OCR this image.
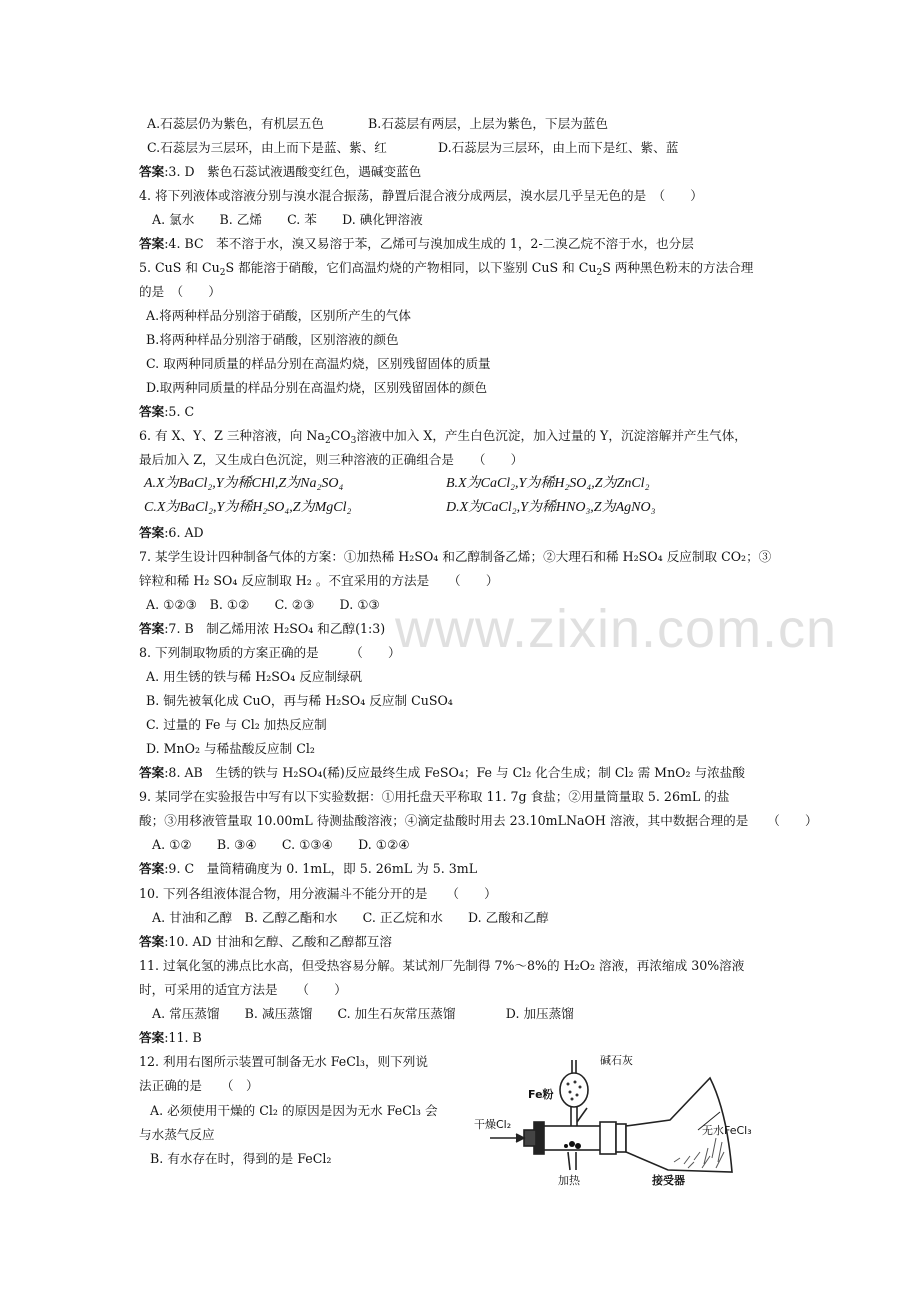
www.zixin.com.cn
A.石蕊层仍为紫色，有机层五色	B.石蕊层有两层，上层为紫色，下层为蓝色
C.石蕊层为三层环，由上而下是蓝、紫、红	D.石蕊层为三层环，由上而下是红、紫、蓝
答案:3. D　紫色石蕊试液遇酸变红色，遇碱变蓝色
4. 将下列液体或溶液分别与溴水混合振荡，静置后混合液分成两层，溴水层几乎呈无色的是　（　　）
A. 氯水　　B. 乙烯　　C. 苯　　D. 碘化钾溶液
答案:4. BC　苯不溶于水，溴又易溶于苯，乙烯可与溴加成生成的 1，2-二溴乙烷不溶于水，也分层
5. CuS 和 $Cu_2S$ 都能溶于硝酸，它们高温灼烧的产物相同，以下鉴别 CuS 和 $Cu_2S$ 两种黑色粉末的方法合理
的是　（　　）
A.将两种样品分别溶于硝酸，区别所产生的气体
B.将两种样品分别溶于硝酸，区别溶液的颜色
C. 取两种同质量的样品分别在高温灼烧，区别残留固体的质量
D.取两种同质量的样品分别在高温灼烧，区别残留固体的颜色
答案:5. C
6. 有 X、Y、Z 三种溶液，向 $Na_2CO_3$溶液中加入 X，产生白色沉淀，加入过量的 Y，沉淀溶解并产生气体，
最后加入 Z，又生成白色沉淀，则三种溶液的正确组合是　　（　　）
A.X为BaCl₂,Y为稀CHl,Z为Na₂SO₄	B.X为CaCl₂,Y为稀H₂SO₄,Z为ZnCl₂
C.X为BaCl₂,Y为稀H₂SO₄,Z为MgCl₂	D.X为CaCl₂,Y为稀HNO₃,Z为AgNO₃
答案:6. AD
7. 某学生设计四种制备气体的方案：①加热稀 H₂SO₄ 和乙醇制备乙烯；②大理石和稀 H₂SO₄ 反应制取 CO₂；③
锌粒和稀 H₂ SO₄ 反应制取 H₂ 。不宜采用的方法是　　（　　）
A. ①②③　B. ①②　　C. ②③　　D. ①③
答案:7. B　制乙烯用浓 H₂SO₄ 和乙醇(1:3)
8. 下列制取物质的方案正确的是　　　（　　）
A. 用生锈的铁与稀 H₂SO₄ 反应制绿矾
B. 铜先被氧化成 CuO，再与稀 H₂SO₄ 反应制 CuSO₄
C. 过量的 Fe 与 Cl₂ 加热反应制
D. MnO₂ 与稀盐酸反应制 Cl₂
答案:8. AB　生锈的铁与 H₂SO₄(稀)反应最终生成 FeSO₄；Fe 与 Cl₂ 化合生成；制 Cl₂ 需 MnO₂ 与浓盐酸
9. 某同学在实验报告中写有以下实验数据：①用托盘天平称取 11. 7g 食盐；②用量筒量取 5. 26mL 的盐
酸；③用移液管量取 10.00mL 待测盐酸溶液；④滴定盐酸时用去 23.10mLNaOH 溶液，其中数据合理的是　　（　　）
A. ①②　　B. ③④　　C. ①③④　　D. ①②④
答案:9. C　量筒精确度为 0. 1mL，即 5. 26mL 为 5. 3mL
10. 下列各组液体混合物，用分液漏斗不能分开的是　　（　　）
A. 甘油和乙醇　B. 乙醇乙酯和水　　C. 正乙烷和水　　D. 乙酸和乙醇
答案:10. AD 甘油和乞醇、乙酸和乙醇都互溶
11. 过氧化氢的沸点比水高，但受热容易分解。某试剂厂先制得 7%～8%的 H₂O₂ 溶液，再浓缩成 30%溶液
时，可采用的适宜方法是　　（　　）
A. 常压蒸馏　　B. 减压蒸馏　　C. 加生石灰常压蒸馏　　　　D. 加压蒸馏
答案:11. B
12. 利用右图所示装置可制备无水 FeCl₃，则下列说
法正确的是　　（　）
A. 必须使用干燥的 Cl₂ 的原因是因为无水 FeCl₃ 会
与水蒸气反应
B. 有水存在时，得到的是 FeCl₂
碱石灰
Fe粉
干燥Cl₂	无水FeCl₃
加热	接受器
